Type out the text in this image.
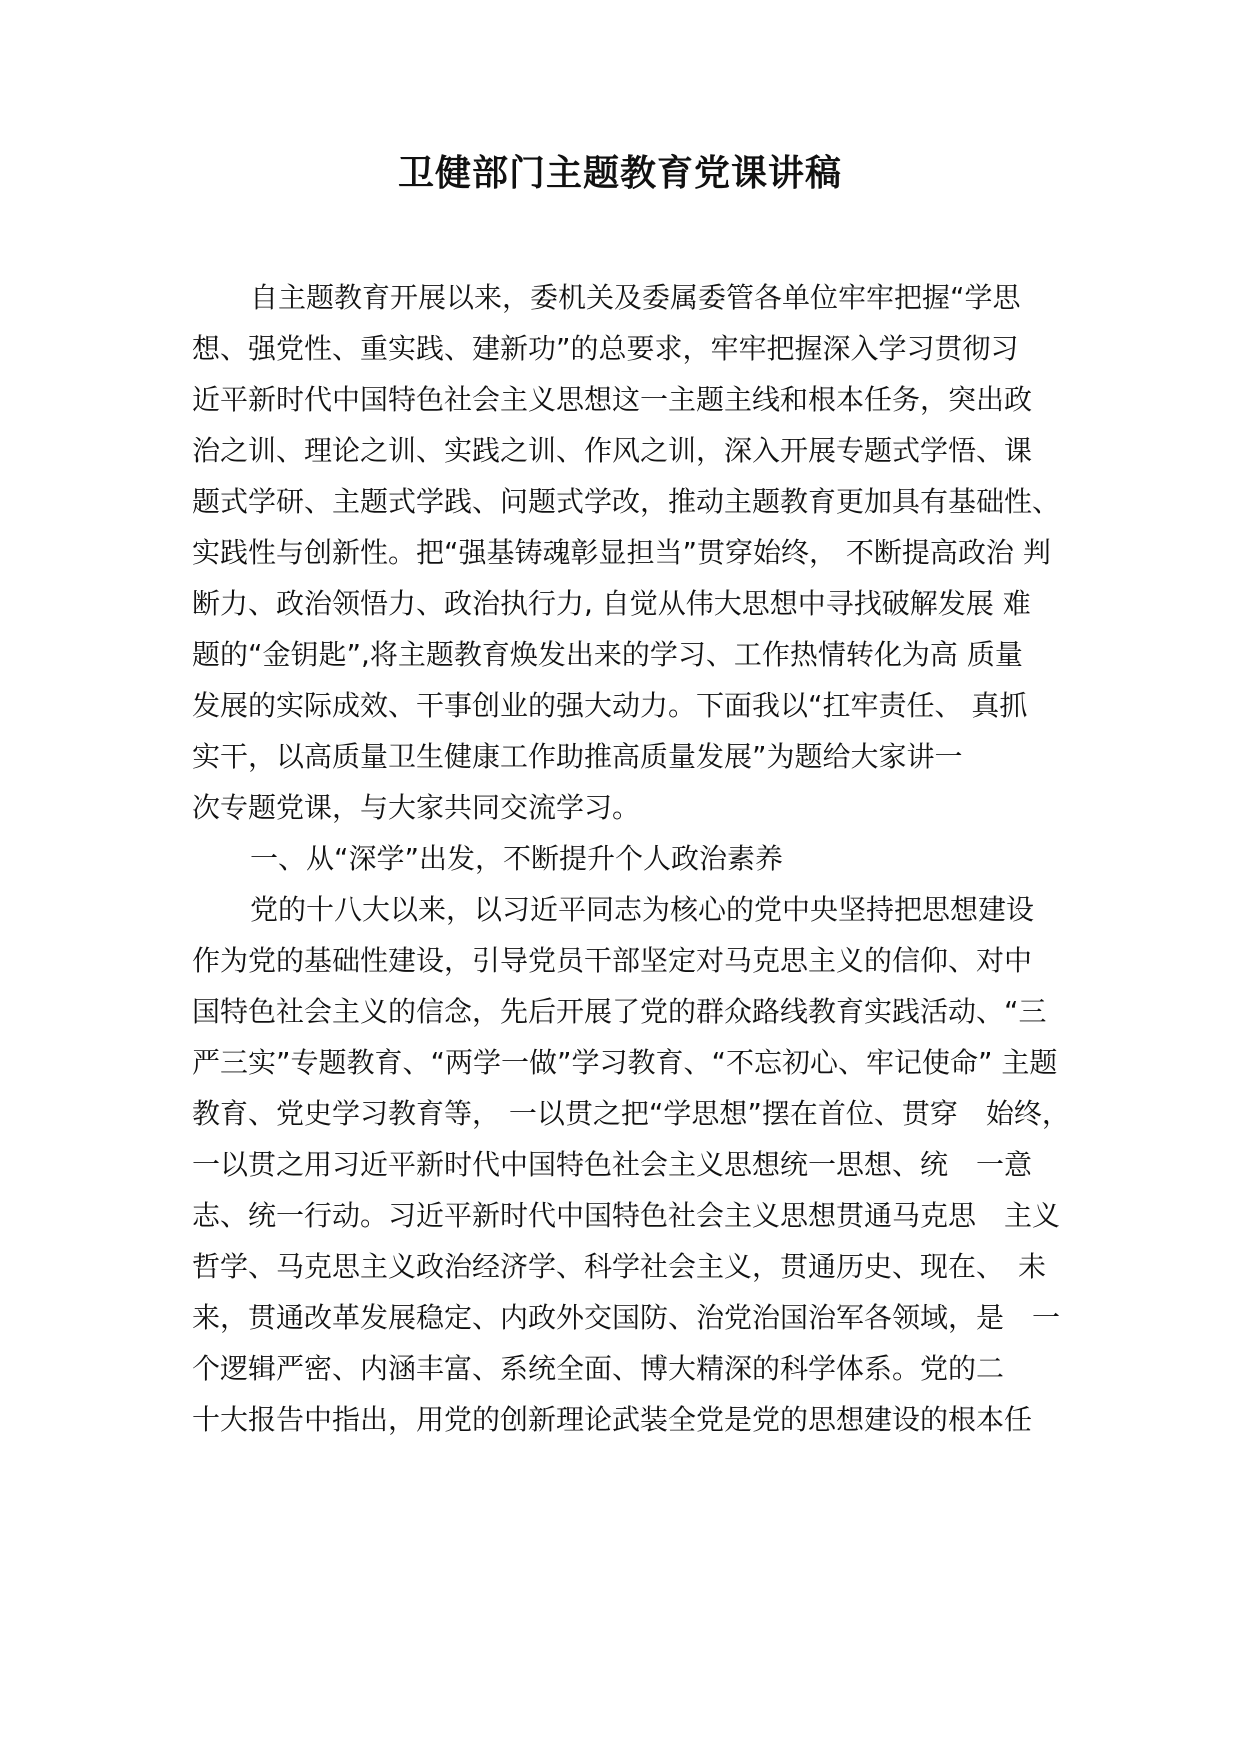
卫健部门主题教育党课讲稿
自主题教育开展以来，委机关及委属委管各单位牢牢把握“学思
想、强党性、重实践、建新功”的总要求，牢牢把握深入学习贯彻习
近平新时代中国特色社会主义思想这一主题主线和根本任务，突出政
治之训、理论之训、实践之训、作风之训，深入开展专题式学悟、课
题式学研、主题式学践、问题式学改，推动主题教育更加具有基础性、
实践性与创新性。把“强基铸魂彰显担当”贯穿始终， 不断提高政治 判
断力、政治领悟力、政治执行力, 自觉从伟大思想中寻找破解发展 难
题的“金钥匙”,将主题教育焕发出来的学习、工作热情转化为高 质量
发展的实际成效、干事创业的强大动力。下面我以“扛牢责任、 真抓
实干，以高质量卫生健康工作助推高质量发展”为题给大家讲一
次专题党课，与大家共同交流学习。
一、从“深学”出发，不断提升个人政治素养
党的十八大以来，以习近平同志为核心的党中央坚持把思想建设
作为党的基础性建设，引导党员干部坚定对马克思主义的信仰、对中
国特色社会主义的信念，先后开展了党的群众路线教育实践活动、“三
严三实”专题教育、“两学一做”学习教育、“不忘初心、牢记使命” 主题
教育、党史学习教育等， 一以贯之把“学思想”摆在首位、贯穿　始终，
一以贯之用习近平新时代中国特色社会主义思想统一思想、统　一意
志、统一行动。习近平新时代中国特色社会主义思想贯通马克思　主义
哲学、马克思主义政治经济学、科学社会主义，贯通历史、现在、　未
来，贯通改革发展稳定、内政外交国防、治党治国治军各领域，是　一
个逻辑严密、内涵丰富、系统全面、博大精深的科学体系。党的二
十大报告中指出，用党的创新理论武装全党是党的思想建设的根本任
